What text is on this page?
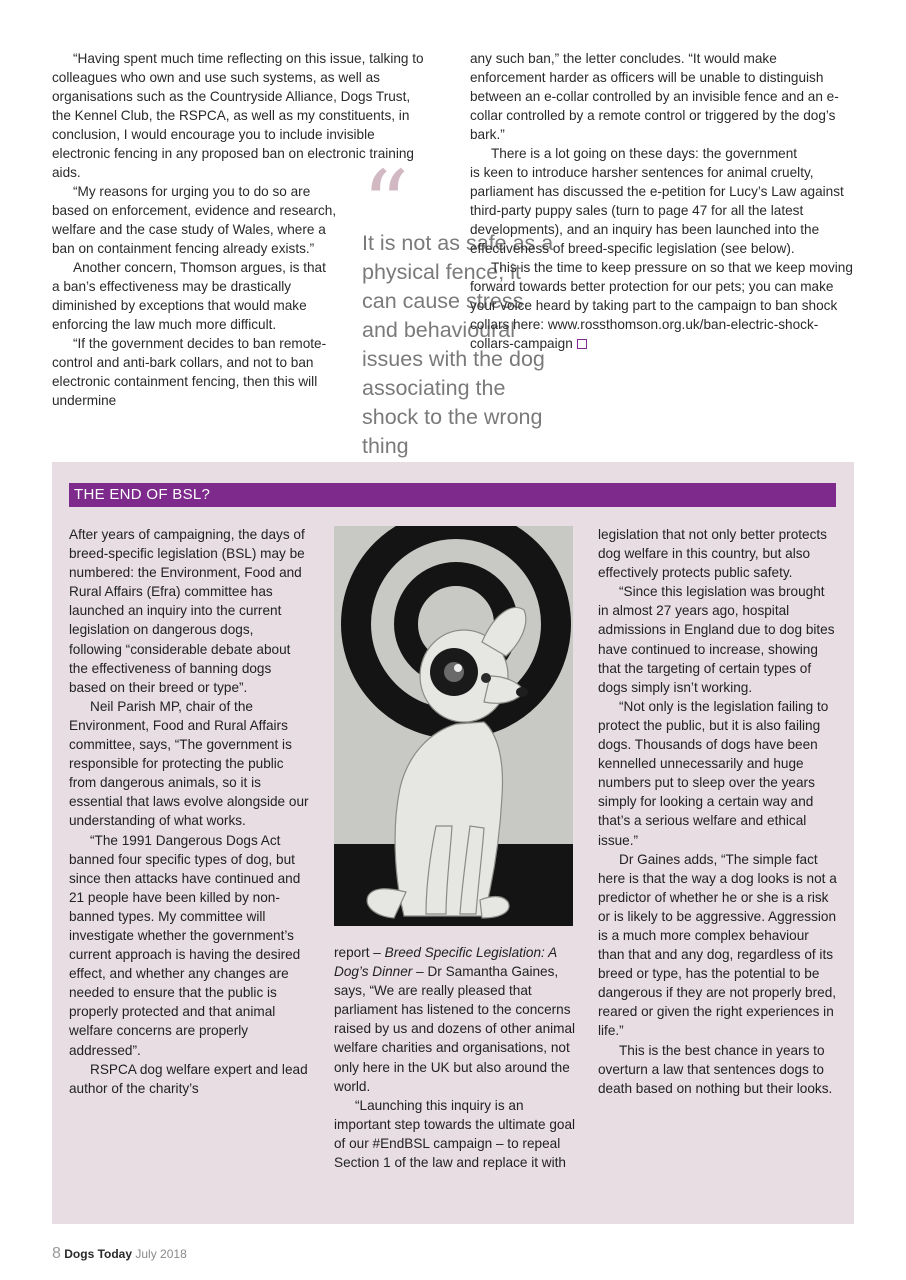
“Having spent much time reflecting on this issue, talking to colleagues who own and use such systems, as well as organisations such as the Countryside Alliance, Dogs Trust, the Kennel Club, the RSPCA, as well as my constituents, in conclusion, I would encourage you to include invisible electronic fencing in any proposed ban on electronic training aids.

“My reasons for urging you to do so are based on enforcement, evidence and research, welfare and the case study of Wales, where a ban on containment fencing already exists.”

Another concern, Thomson argues, is that a ban’s effectiveness may be drastically diminished by exceptions that would make enforcing the law much more difficult.

“If the government decides to ban remote-control and anti-bark collars, and not to ban electronic containment fencing, then this will undermine

“
It is not as safe as a physical fence; it can cause stress and behavioural issues with the dog associating the shock to the wrong thing

any such ban,” the letter concludes. “It would make enforcement harder as officers will be unable to distinguish between an e-collar controlled by an invisible fence and an e-collar controlled by a remote control or triggered by the dog’s bark.”

There is a lot going on these days: the government

is keen to introduce harsher sentences for animal cruelty, parliament has discussed the e-petition for Lucy’s Law against third-party puppy sales (turn to page 47 for all the latest developments), and an inquiry has been launched into the effectiveness of breed-specific legislation (see below).

This is the time to keep pressure on so that we keep moving forward towards better protection for our pets; you can make your voice heard by taking part to the campaign to ban shock collars here: www.rossthomson.org.uk/ban-electric-shock-collars-campaign

THE END OF BSL?

After years of campaigning, the days of breed-specific legislation (BSL) may be numbered: the Environment, Food and Rural Affairs (Efra) committee has launched an inquiry into the current legislation on dangerous dogs, following “considerable debate about the effectiveness of banning dogs based on their breed or type”.

Neil Parish MP, chair of the Environment, Food and Rural Affairs committee, says, “The government is responsible for protecting the public from dangerous animals, so it is essential that laws evolve alongside our understanding of what works.

“The 1991 Dangerous Dogs Act banned four specific types of dog, but since then attacks have continued and 21 people have been killed by non-banned types. My committee will investigate whether the government’s current approach is having the desired effect, and whether any changes are needed to ensure that the public is properly protected and that animal welfare concerns are properly addressed”.

RSPCA dog welfare expert and lead author of the charity’s

report – Breed Specific Legislation: A Dog’s Dinner – Dr Samantha Gaines, says, “We are really pleased that parliament has listened to the concerns raised by us and dozens of other animal welfare charities and organisations, not only here in the UK but also around the world.

“Launching this inquiry is an important step towards the ultimate goal of our #EndBSL campaign – to repeal Section 1 of the law and replace it with

legislation that not only better protects dog welfare in this country, but also effectively protects public safety.

“Since this legislation was brought in almost 27 years ago, hospital admissions in England due to dog bites have continued to increase, showing that the targeting of certain types of dogs simply isn’t working.

“Not only is the legislation failing to protect the public, but it is also failing dogs. Thousands of dogs have been kennelled unnecessarily and huge numbers put to sleep over the years simply for looking a certain way and that’s a serious welfare and ethical issue.”

Dr Gaines adds, “The simple fact here is that the way a dog looks is not a predictor of whether he or she is a risk or is likely to be aggressive. Aggression is a much more complex behaviour than that and any dog, regardless of its breed or type, has the potential to be dangerous if they are not properly bred, reared or given the right experiences in life.”

This is the best chance in years to overturn a law that sentences dogs to death based on nothing but their looks.

8 Dogs Today July 2018
